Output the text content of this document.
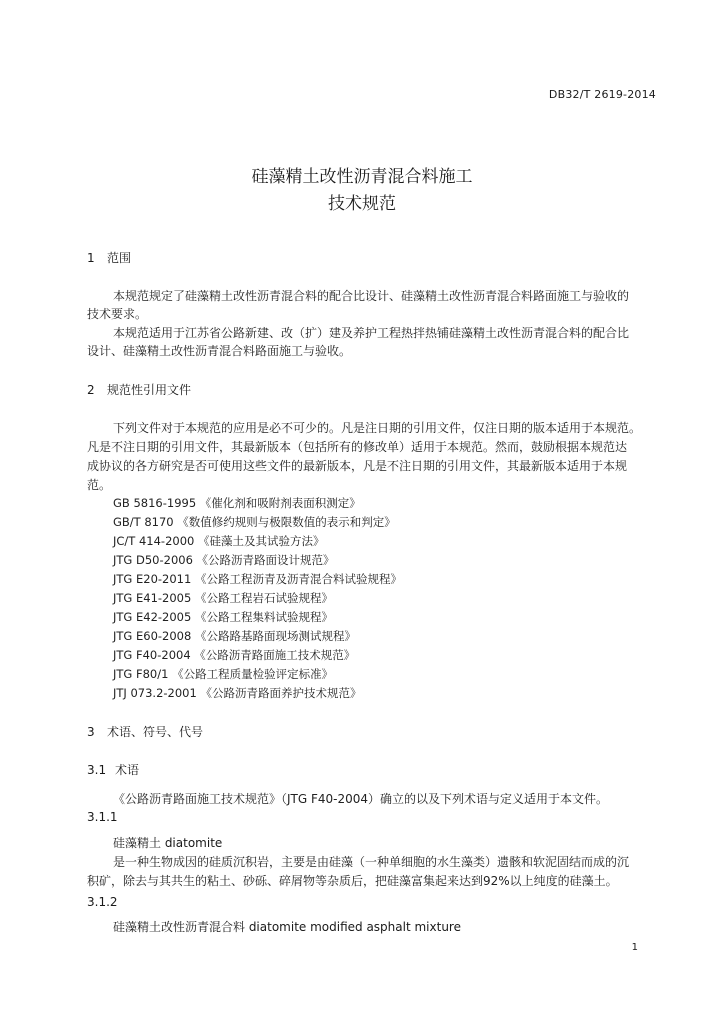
DB32/T 2619-2014
硅藻精土改性沥青混合料施工
技术规范
1 范围
本规范规定了硅藻精土改性沥青混合料的配合比设计、硅藻精土改性沥青混合料路面施工与验收的
技术要求。
本规范适用于江苏省公路新建、改（扩）建及养护工程热拌热铺硅藻精土改性沥青混合料的配合比
设计、硅藻精土改性沥青混合料路面施工与验收。
2 规范性引用文件
下列文件对于本规范的应用是必不可少的。凡是注日期的引用文件，仅注日期的版本适用于本规范。
凡是不注日期的引用文件，其最新版本（包括所有的修改单）适用于本规范。然而，鼓励根据本规范达
成协议的各方研究是否可使用这些文件的最新版本，凡是不注日期的引用文件，其最新版本适用于本规
范。
GB 5816-1995 《催化剂和吸附剂表面积测定》
GB/T 8170 《数值修约规则与极限数值的表示和判定》
JC/T 414-2000 《硅藻土及其试验方法》
JTG D50-2006 《公路沥青路面设计规范》
JTG E20-2011 《公路工程沥青及沥青混合料试验规程》
JTG E41-2005 《公路工程岩石试验规程》
JTG E42-2005 《公路工程集料试验规程》
JTG E60-2008 《公路路基路面现场测试规程》
JTG F40-2004 《公路沥青路面施工技术规范》
JTG F80/1 《公路工程质量检验评定标准》
JTJ 073.2-2001 《公路沥青路面养护技术规范》
3 术语、符号、代号
3.1 术语
《公路沥青路面施工技术规范》（JTG F40-2004）确立的以及下列术语与定义适用于本文件。
3.1.1
硅藻精土 diatomite
是一种生物成因的硅质沉积岩，主要是由硅藻（一种单细胞的水生藻类）遗骸和软泥固结而成的沉
积矿，除去与其共生的粘土、砂砾、碎屑物等杂质后，把硅藻富集起来达到92%以上纯度的硅藻土。
3.1.2
硅藻精土改性沥青混合料 diatomite modified asphalt mixture
1
